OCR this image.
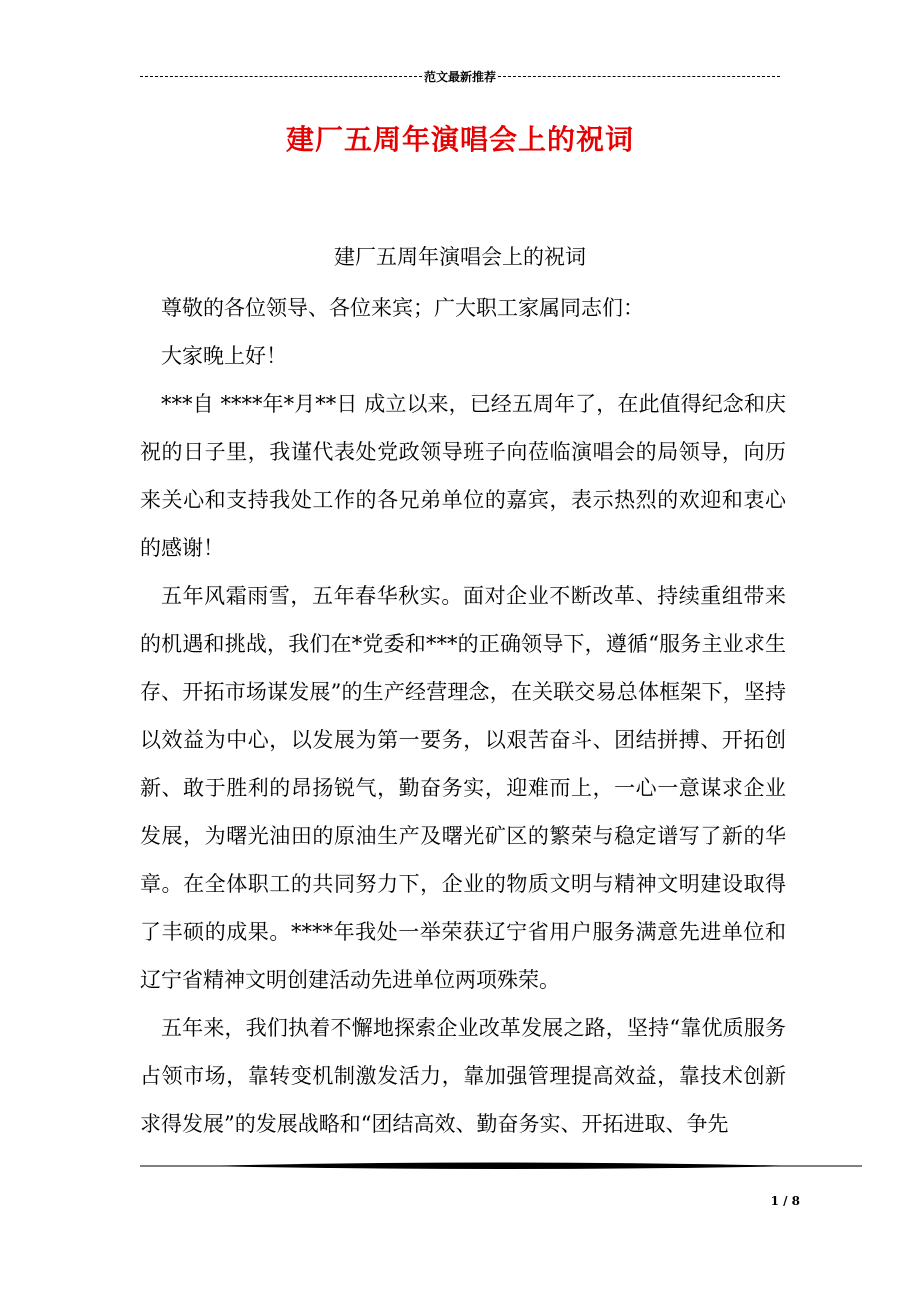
范文最新推荐
建厂五周年演唱会上的祝词
建厂五周年演唱会上的祝词

尊敬的各位领导、各位来宾；广大职工家属同志们：

大家晚上好！

***自 ****年*月**日 成立以来，已经五周年了，在此值得纪念和庆祝的日子里，我谨代表处党政领导班子向莅临演唱会的局领导，向历来关心和支持我处工作的各兄弟单位的嘉宾，表示热烈的欢迎和衷心的感谢！

五年风霜雨雪，五年春华秋实。面对企业不断改革、持续重组带来的机遇和挑战，我们在*党委和***的正确领导下，遵循“服务主业求生存、开拓市场谋发展”的生产经营理念，在关联交易总体框架下，坚持以效益为中心，以发展为第一要务，以艰苦奋斗、团结拼搏、开拓创新、敢于胜利的昂扬锐气，勤奋务实，迎难而上，一心一意谋求企业发展，为曙光油田的原油生产及曙光矿区的繁荣与稳定谱写了新的华章。在全体职工的共同努力下，企业的物质文明与精神文明建设取得了丰硕的成果。****年我处一举荣获辽宁省用户服务满意先进单位和辽宁省精神文明创建活动先进单位两项殊荣。

五年来，我们执着不懈地探索企业改革发展之路，坚持“靠优质服务占领市场，靠转变机制激发活力，靠加强管理提高效益，靠技术创新求得发展”的发展战略和“团结高效、勤奋务实、开拓进取、争先

1 / 8
